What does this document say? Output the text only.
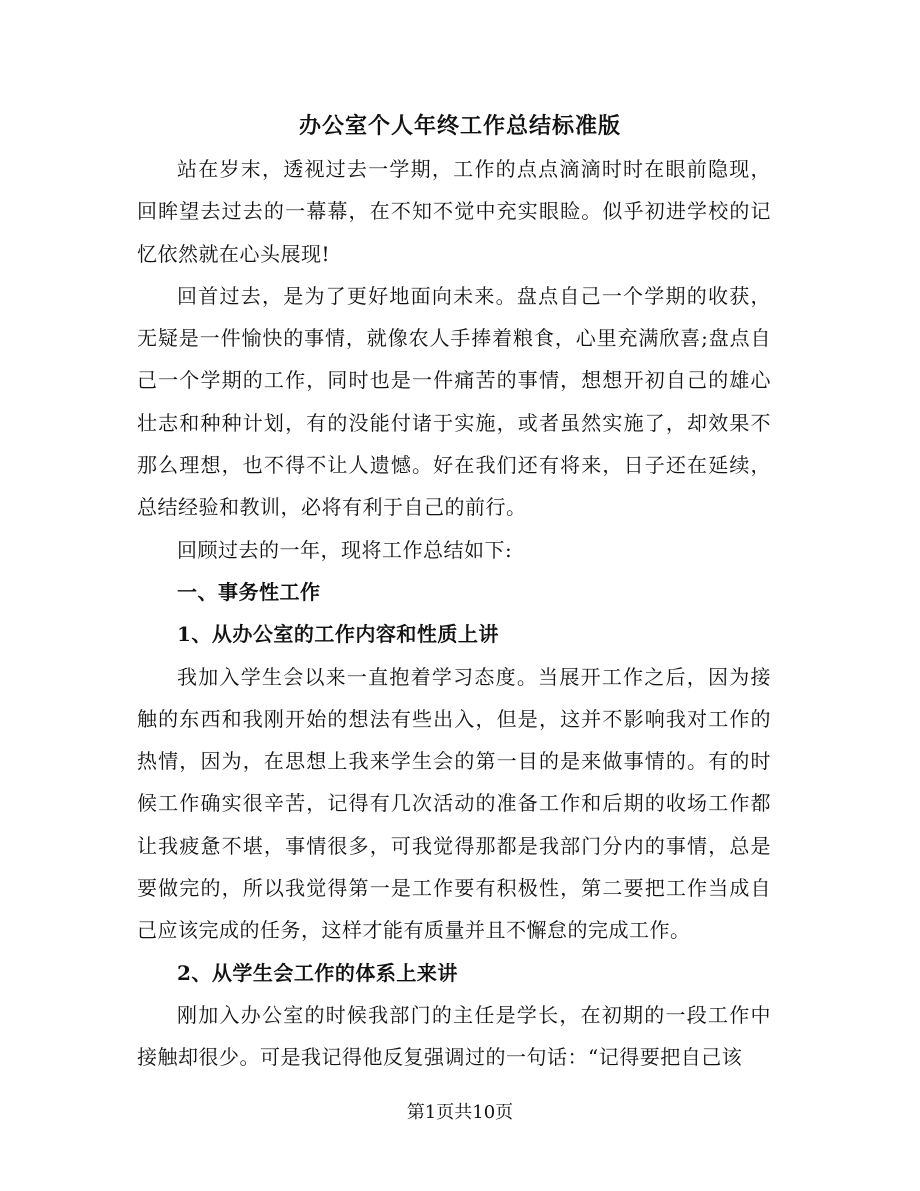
办公室个人年终工作总结标准版

站在岁末，透视过去一学期，工作的点点滴滴时时在眼前隐现，回眸望去过去的一幕幕，在不知不觉中充实眼睑。似乎初进学校的记忆依然就在心头展现!

回首过去，是为了更好地面向未来。盘点自己一个学期的收获，无疑是一件愉快的事情，就像农人手捧着粮食，心里充满欣喜;盘点自己一个学期的工作，同时也是一件痛苦的事情，想想开初自己的雄心壮志和种种计划，有的没能付诸于实施，或者虽然实施了，却效果不那么理想，也不得不让人遗憾。好在我们还有将来，日子还在延续，总结经验和教训，必将有利于自己的前行。

回顾过去的一年，现将工作总结如下:

一、事务性工作

1、从办公室的工作内容和性质上讲

我加入学生会以来一直抱着学习态度。当展开工作之后，因为接触的东西和我刚开始的想法有些出入，但是，这并不影响我对工作的热情，因为，在思想上我来学生会的第一目的是来做事情的。有的时候工作确实很辛苦，记得有几次活动的准备工作和后期的收场工作都让我疲惫不堪，事情很多，可我觉得那都是我部门分内的事情，总是要做完的，所以我觉得第一是工作要有积极性，第二要把工作当成自己应该完成的任务，这样才能有质量并且不懈怠的完成工作。

2、从学生会工作的体系上来讲

刚加入办公室的时候我部门的主任是学长，在初期的一段工作中接触却很少。可是我记得他反复强调过的一句话：“记得要把自己该

第1页共10页
